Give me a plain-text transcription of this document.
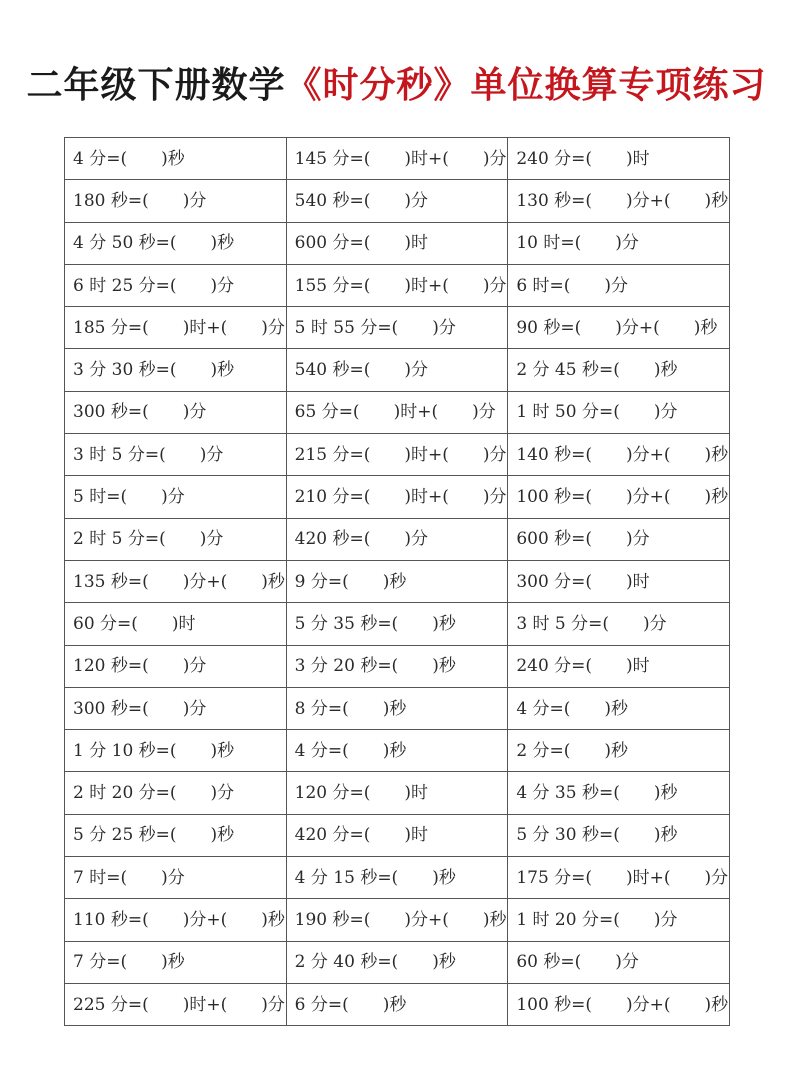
二年级下册数学《时分秒》单位换算专项练习
4 分=(　　)秒	145 分=(　　)时+(　　)分	240 分=(　　)时
180 秒=(　　)分	540 秒=(　　)分	130 秒=(　　)分+(　　)秒
4 分 50 秒=(　　)秒	600 分=(　　)时	10 时=(　　)分
6 时 25 分=(　　)分	155 分=(　　)时+(　　)分	6 时=(　　)分
185 分=(　　)时+(　　)分	5 时 55 分=(　　)分	90 秒=(　　)分+(　　)秒
3 分 30 秒=(　　)秒	540 秒=(　　)分	2 分 45 秒=(　　)秒
300 秒=(　　)分	65 分=(　　)时+(　　)分	1 时 50 分=(　　)分
3 时 5 分=(　　)分	215 分=(　　)时+(　　)分	140 秒=(　　)分+(　　)秒
5 时=(　　)分	210 分=(　　)时+(　　)分	100 秒=(　　)分+(　　)秒
2 时 5 分=(　　)分	420 秒=(　　)分	600 秒=(　　)分
135 秒=(　　)分+(　　)秒	9 分=(　　)秒	300 分=(　　)时
60 分=(　　)时	5 分 35 秒=(　　)秒	3 时 5 分=(　　)分
120 秒=(　　)分	3 分 20 秒=(　　)秒	240 分=(　　)时
300 秒=(　　)分	8 分=(　　)秒	4 分=(　　)秒
1 分 10 秒=(　　)秒	4 分=(　　)秒	2 分=(　　)秒
2 时 20 分=(　　)分	120 分=(　　)时	4 分 35 秒=(　　)秒
5 分 25 秒=(　　)秒	420 分=(　　)时	5 分 30 秒=(　　)秒
7 时=(　　)分	4 分 15 秒=(　　)秒	175 分=(　　)时+(　　)分
110 秒=(　　)分+(　　)秒	190 秒=(　　)分+(　　)秒	1 时 20 分=(　　)分
7 分=(　　)秒	2 分 40 秒=(　　)秒	60 秒=(　　)分
225 分=(　　)时+(　　)分	6 分=(　　)秒	100 秒=(　　)分+(　　)秒
